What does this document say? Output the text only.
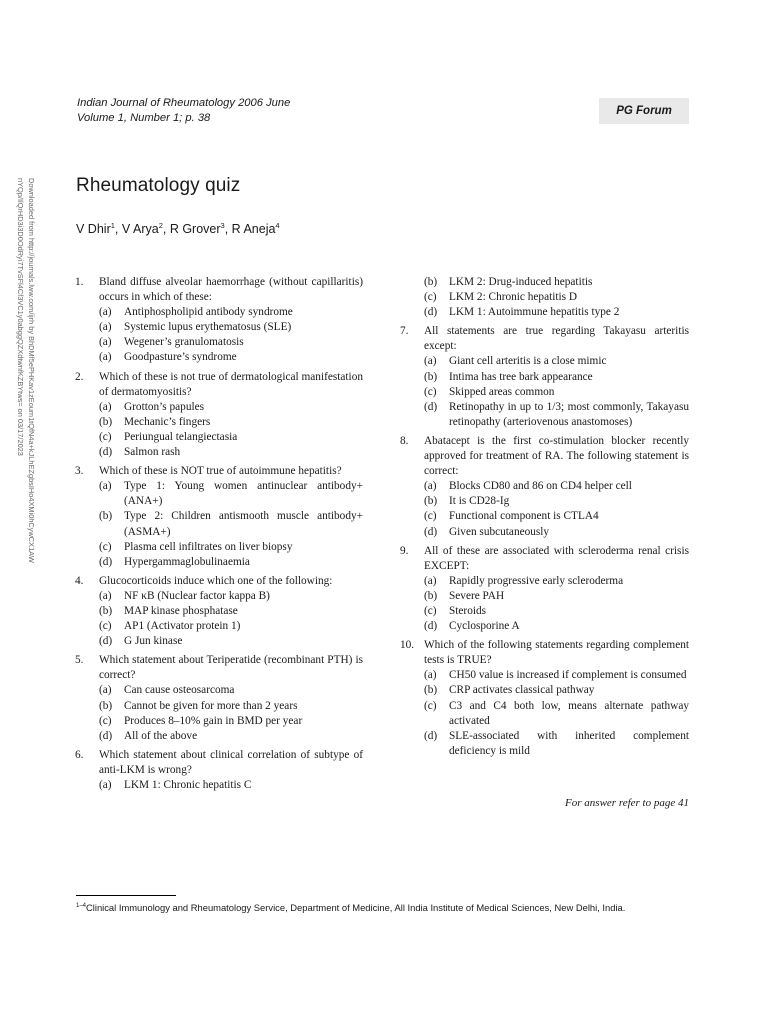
Indian Journal of Rheumatology 2006 June
Volume 1, Number 1; p. 38
PG Forum
Downloaded from http://journals.lww.com/ijrh by BhDMf5ePHKav1zEoum1tQfN4a+kJLhEZgbsIHo4XMi0hCywCX1AW
nYQp/IlQrHD3i3D0OdRyi7TvSFl4Cf3VC1y0abggQZXdtwnfKZBYtws= on 03/17/2023	Rheumatology quiz
V Dhir$^1$, V Arya$^2$, R Grover$^3$, R Aneja$^4$
1.	Bland diffuse alveolar haemorrhage (without capillaritis) occurs in which of these:
(a)	Antiphospholipid antibody syndrome
(a)	Systemic lupus erythematosus (SLE)
(a)	Wegener’s granulomatosis
(a)	Goodpasture’s syndrome
2.	Which of these is not true of dermatological manifestation of dermatomyositis?
(a)	Grotton’s papules
(b)	Mechanic’s fingers
(c)	Periungual telangiectasia
(d)	Salmon rash
3.	Which of these is NOT true of autoimmune hepatitis?
(a)	Type 1: Young women antinuclear antibody+ (ANA+)
(b)	Type 2: Children antismooth muscle antibody+ (ASMA+)
(c)	Plasma cell infiltrates on liver biopsy
(d)	Hypergammaglobulinaemia
4.	Glucocorticoids induce which one of the following:
(a)	NF κB (Nuclear factor kappa B)
(b)	MAP kinase phosphatase
(c)	AP1 (Activator protein 1)
(d)	G Jun kinase
5.	Which statement about Teriperatide (recombinant PTH) is correct?
(a)	Can cause osteosarcoma
(b)	Cannot be given for more than 2 years
(c)	Produces 8–10% gain in BMD per year
(d)	All of the above
6.	Which statement about clinical correlation of subtype of anti-LKM is wrong?
(a)	LKM 1: Chronic hepatitis C
(b)	LKM 2: Drug-induced hepatitis
(c)	LKM 2: Chronic hepatitis D
(d)	LKM 1: Autoimmune hepatitis type 2
7.	All statements are true regarding Takayasu arteritis except:
(a)	Giant cell arteritis is a close mimic
(b)	Intima has tree bark appearance
(c)	Skipped areas common
(d)	Retinopathy in up to 1/3; most commonly, Takayasu retinopathy (arteriovenous anastomoses)
8.	Abatacept is the first co-stimulation blocker recently approved for treatment of RA. The following statement is correct:
(a)	Blocks CD80 and 86 on CD4 helper cell
(b)	It is CD28-Ig
(c)	Functional component is CTLA4
(d)	Given subcutaneously
9.	All of these are associated with scleroderma renal crisis EXCEPT:
(a)	Rapidly progressive early scleroderma
(b)	Severe PAH
(c)	Steroids
(d)	Cyclosporine A
10. Which of the following statements regarding complement tests is TRUE?
(a)	CH50 value is increased if complement is consumed
(b)	CRP activates classical pathway
(c)	C3 and C4 both low, means alternate pathway activated
(d)	SLE-associated with inherited complement deficiency is mild
For answer refer to page 41
$^{1-4}$Clinical Immunology and Rheumatology Service, Department of Medicine, All India Institute of Medical Sciences, New Delhi, India.
